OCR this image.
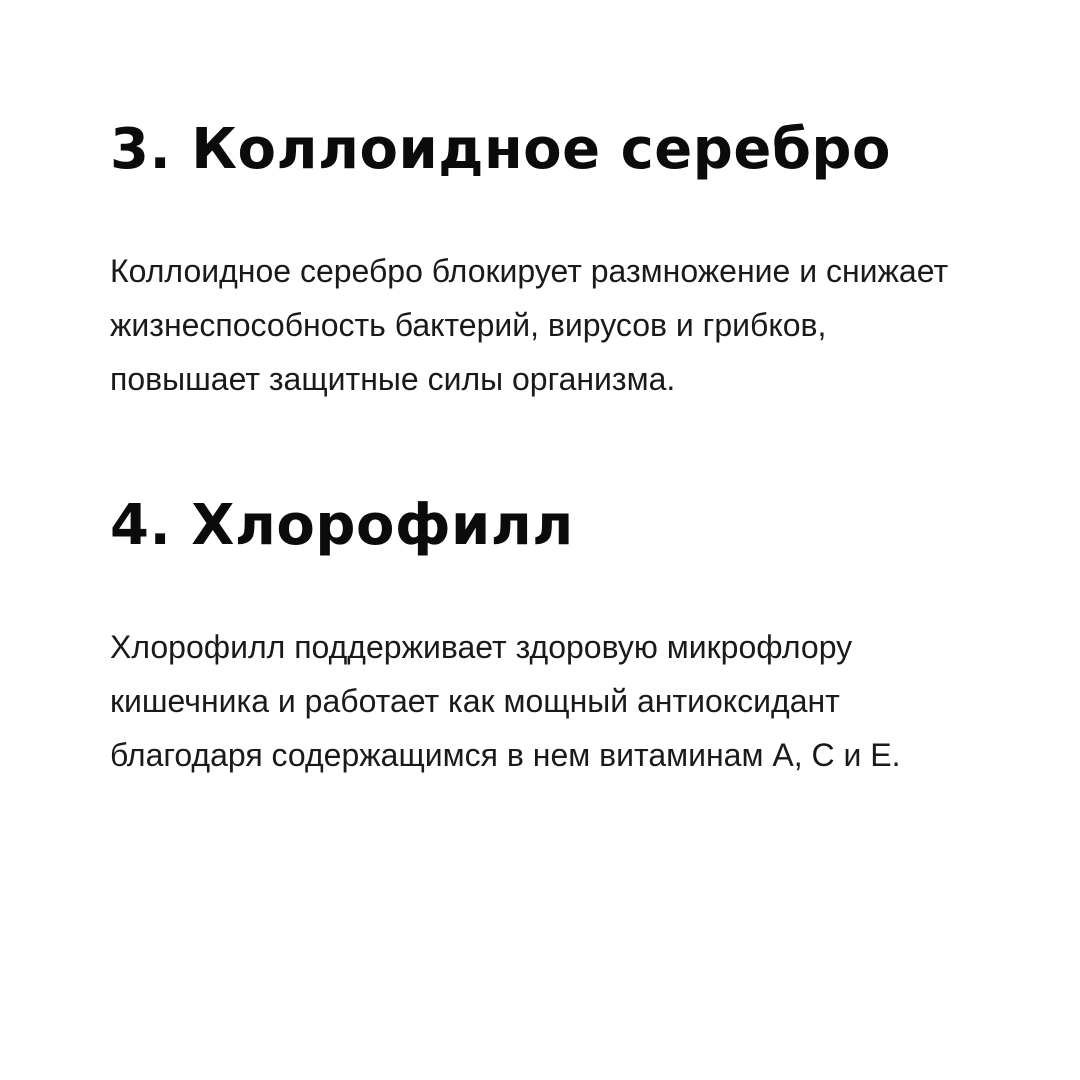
3. Коллоидное серебро

Коллоидное серебро блокирует размножение и снижает
жизнеспособность бактерий, вирусов и грибков,
повышает защитные силы организма.

4. Хлорофилл

Хлорофилл поддерживает здоровую микрофлору
кишечника и работает как мощный антиоксидант
благодаря содержащимся в нем витаминам А, С и Е.
